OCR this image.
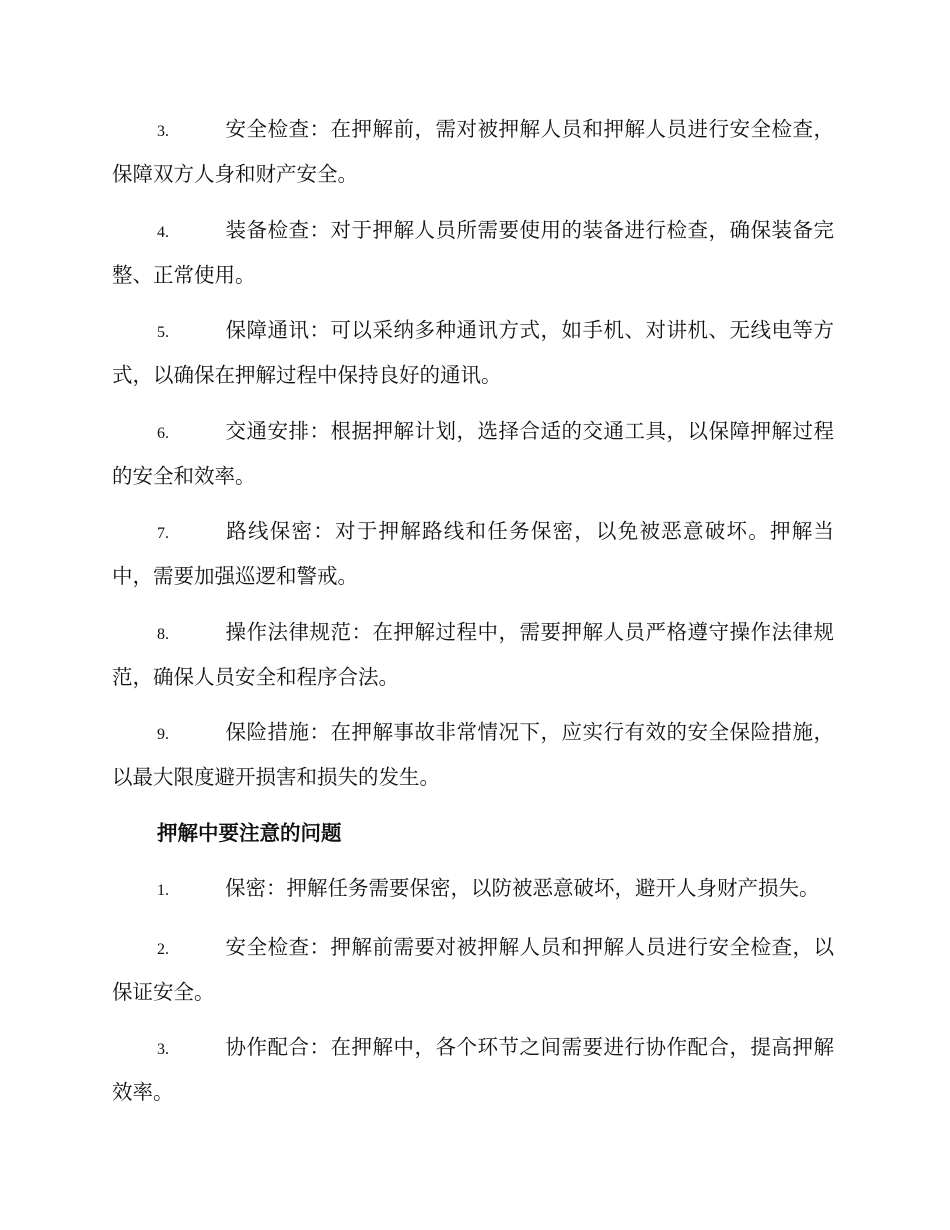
3.	安全检查：在押解前，需对被押解人员和押解人员进行安全检查，保障双方人身和财产安全。

4.	装备检查：对于押解人员所需要使用的装备进行检查，确保装备完整、正常使用。

5.	保障通讯：可以采纳多种通讯方式，如手机、对讲机、无线电等方式，以确保在押解过程中保持良好的通讯。

6.	交通安排：根据押解计划，选择合适的交通工具，以保障押解过程的安全和效率。

7.	路线保密：对于押解路线和任务保密，以免被恶意破坏。押解当中，需要加强巡逻和警戒。

8.	操作法律规范：在押解过程中，需要押解人员严格遵守操作法律规范，确保人员安全和程序合法。

9.	保险措施：在押解事故非常情况下，应实行有效的安全保险措施，以最大限度避开损害和损失的发生。

押解中要注意的问题

1.	保密：押解任务需要保密，以防被恶意破坏，避开人身财产损失。

2.	安全检查：押解前需要对被押解人员和押解人员进行安全检查，以保证安全。

3.	协作配合：在押解中，各个环节之间需要进行协作配合，提高押解效率。
